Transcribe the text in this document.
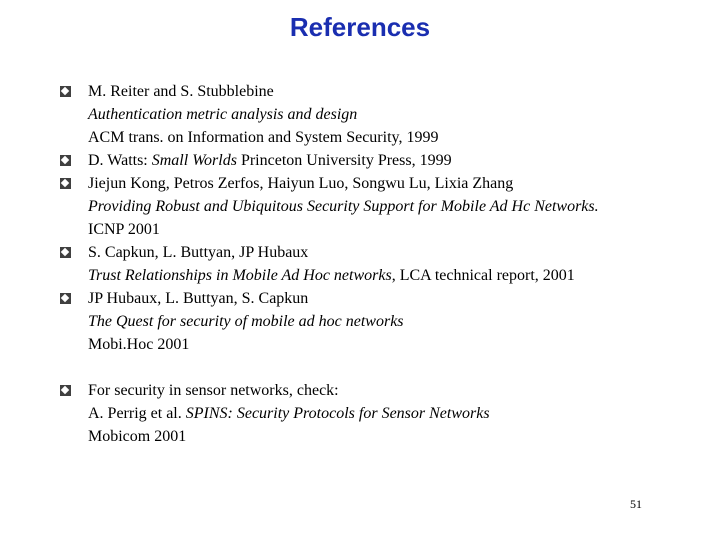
References
M. Reiter and S. Stubblebine
Authentication metric analysis and design
ACM trans. on Information and System Security, 1999
D. Watts: Small Worlds Princeton University Press, 1999
Jiejun Kong, Petros Zerfos, Haiyun Luo, Songwu Lu, Lixia Zhang
Providing Robust and Ubiquitous Security Support for Mobile Ad Hc Networks.
ICNP 2001
S. Capkun, L. Buttyan, JP Hubaux
Trust Relationships in Mobile Ad Hoc networks, LCA technical report, 2001
JP Hubaux, L. Buttyan, S. Capkun
The Quest for security of mobile ad hoc networks
Mobi.Hoc 2001
For security in sensor networks, check:
A. Perrig et al. SPINS: Security Protocols for Sensor Networks
Mobicom 2001
51
